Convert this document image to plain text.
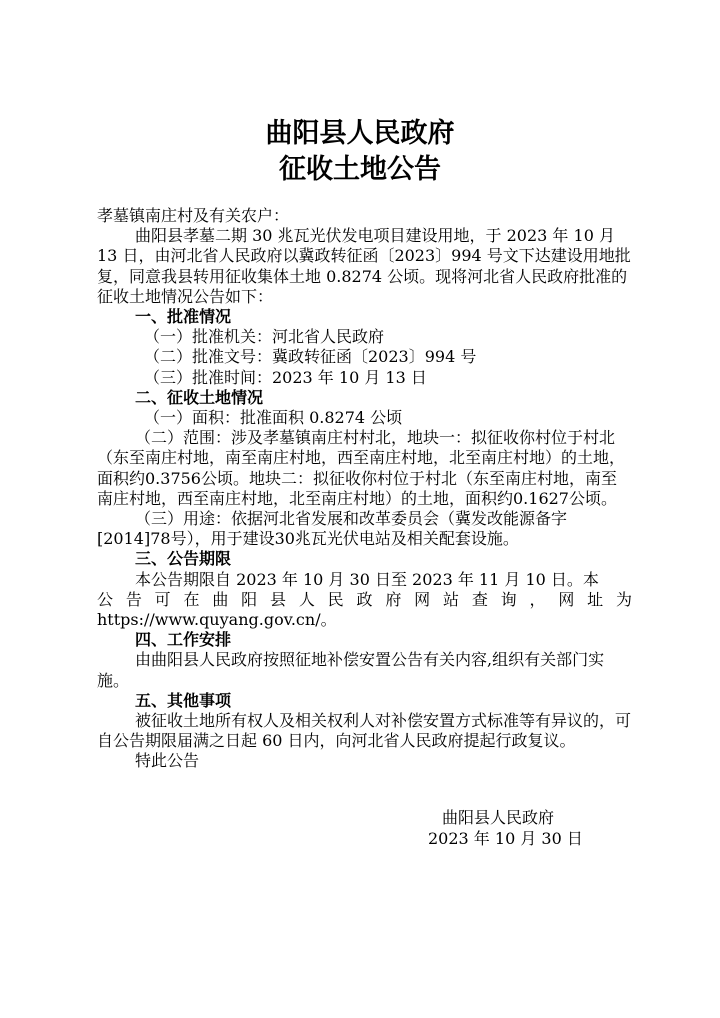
曲阳县人民政府
征收土地公告

孝墓镇南庄村及有关农户：

曲阳县孝墓二期 30 兆瓦光伏发电项目建设用地，于 2023 年 10 月 13 日，由河北省人民政府以冀政转征函〔2023〕994 号文下达建设用地批复，同意我县转用征收集体土地 0.8274 公顷。现将河北省人民政府批准的征收土地情况公告如下：

一、批准情况

（一）批准机关：河北省人民政府

（二）批准文号：冀政转征函〔2023〕994 号

（三）批准时间：2023 年 10 月 13 日

二、征收土地情况

（一）面积：批准面积 0.8274 公顷

（二）范围：涉及孝墓镇南庄村村北，地块一：拟征收你村位于村北（东至南庄村地，南至南庄村地，西至南庄村地，北至南庄村地）的土地，面积约0.3756公顷。地块二：拟征收你村位于村北（东至南庄村地，南至南庄村地，西至南庄村地，北至南庄村地）的土地，面积约0.1627公顷。

（三）用途：依据河北省发展和改革委员会（冀发改能源备字[2014]78号），用于建设30兆瓦光伏电站及相关配套设施。

三、公告期限

本公告期限自 2023 年 10 月 30 日至 2023 年 11 月 10 日。本

公告可在曲阳县人民政府网站查询，网址为

https://www.quyang.gov.cn/。

四、工作安排

由曲阳县人民政府按照征地补偿安置公告有关内容,组织有关部门实施。

五、其他事项

被征收土地所有权人及相关权利人对补偿安置方式标准等有异议的，可自公告期限届满之日起 60 日内，向河北省人民政府提起行政复议。

特此公告

曲阳县人民政府
2023 年 10 月 30 日
